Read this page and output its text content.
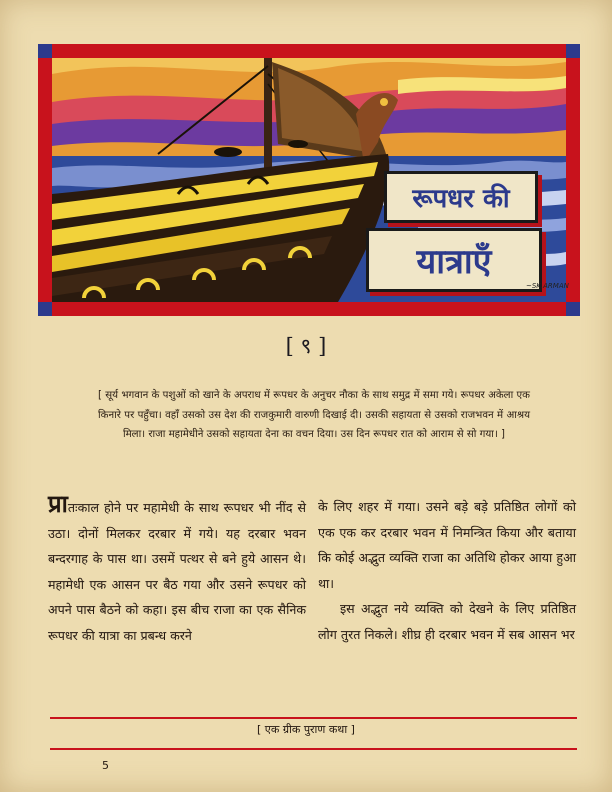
रूपधर की
यात्राएँ
~SK.ARMAN
[ ९ ]

[ सूर्य भगवान के पशुओं को खाने के अपराध में रूपधर के अनुचर नौका के साथ समुद्र में समा गये। रूपधर अकेला एक किनारे पर पहुँचा। वहाँ उसको उस देश की राजकुमारी वारुणी दिखाई दी। उसकी सहायता से उसको राजभवन में आश्रय मिला। राजा महामेधीने उसको सहायता देना का वचन दिया। उस दिन रूपधर रात को आराम से सो गया। ]

प्रातःकाल होने पर महामेधी के साथ रूपधर भी नींद से उठा। दोनों मिलकर दरबार में गये। यह दरबार भवन बन्दरगाह के पास था। उसमें पत्थर से बने हुये आसन थे। महामेधी एक आसन पर बैठ गया और उसने रूपधर को अपने पास बैठने को कहा। इस बीच राजा का एक सैनिक रूपधर की यात्रा का प्रबन्ध करने
के लिए शहर में गया। उसने बड़े बड़े प्रतिष्ठित लोगों को एक एक कर दरबार भवन में निमन्त्रित किया और बताया कि कोई अद्भुत व्यक्ति राजा का अतिथि होकर आया हुआ था।
इस अद्भुत नये व्यक्ति को देखने के लिए प्रतिष्ठित लोग तुरत निकले। शीघ्र ही दरबार भवन में सब आसन भर
[ एक ग्रीक पुराण कथा ]
5
